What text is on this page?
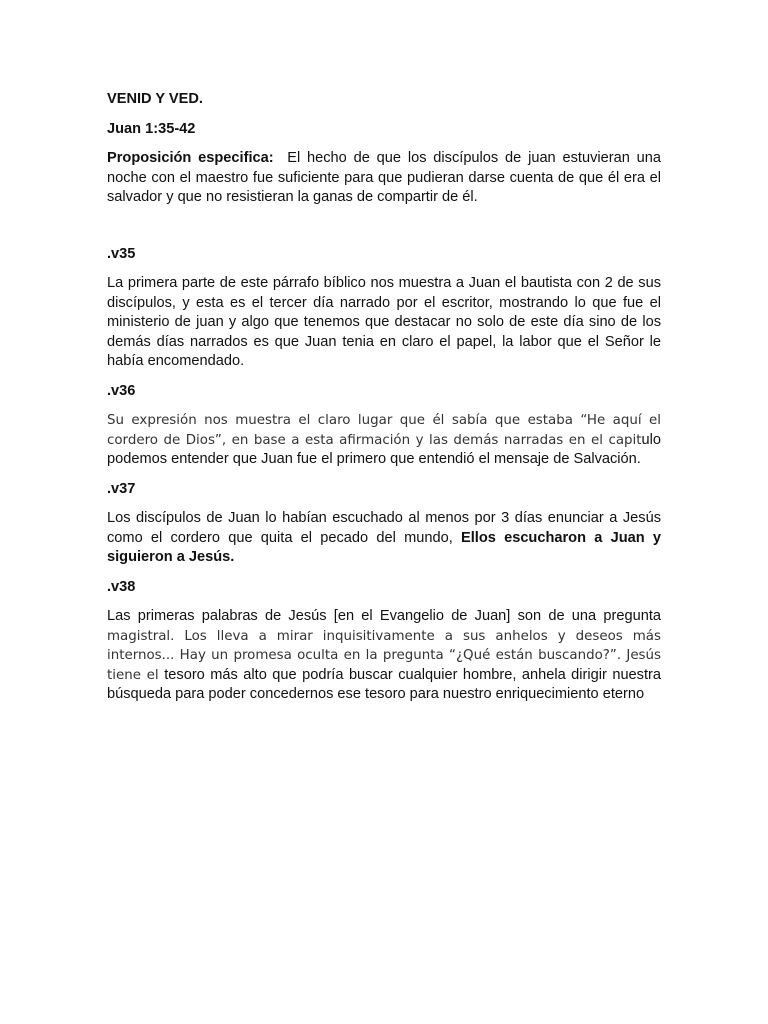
VENID Y VED.

Juan 1:35-42

Proposición especifica: El hecho de que los discípulos de juan estuvieran una noche con el maestro fue suficiente para que pudieran darse cuenta de que él era el salvador y que no resistieran la ganas de compartir de él.

.v35

La primera parte de este párrafo bíblico nos muestra a Juan el bautista con 2 de sus discípulos, y esta es el tercer día narrado por el escritor, mostrando lo que fue el ministerio de juan y algo que tenemos que destacar no solo de este día sino de los demás días narrados es que Juan tenia en claro el papel, la labor que el Señor le había encomendado.

.v36

Su expresión nos muestra el claro lugar que él sabía que estaba “He aquí el cordero de Dios”, en base a esta afirmación y las demás narradas en el capitulo podemos entender que Juan fue el primero que entendió el mensaje de Salvación.

.v37

Los discípulos de Juan lo habían escuchado al menos por 3 días enunciar a Jesús como el cordero que quita el pecado del mundo, Ellos escucharon a Juan y siguieron a Jesús.

.v38

Las primeras palabras de Jesús [en el Evangelio de Juan] son de una pregunta magistral. Los lleva a mirar inquisitivamente a sus anhelos y deseos más internos... Hay un promesa oculta en la pregunta “¿Qué están buscando?”. Jesús tiene el tesoro más alto que podría buscar cualquier hombre, anhela dirigir nuestra búsqueda para poder concedernos ese tesoro para nuestro enriquecimiento eterno
